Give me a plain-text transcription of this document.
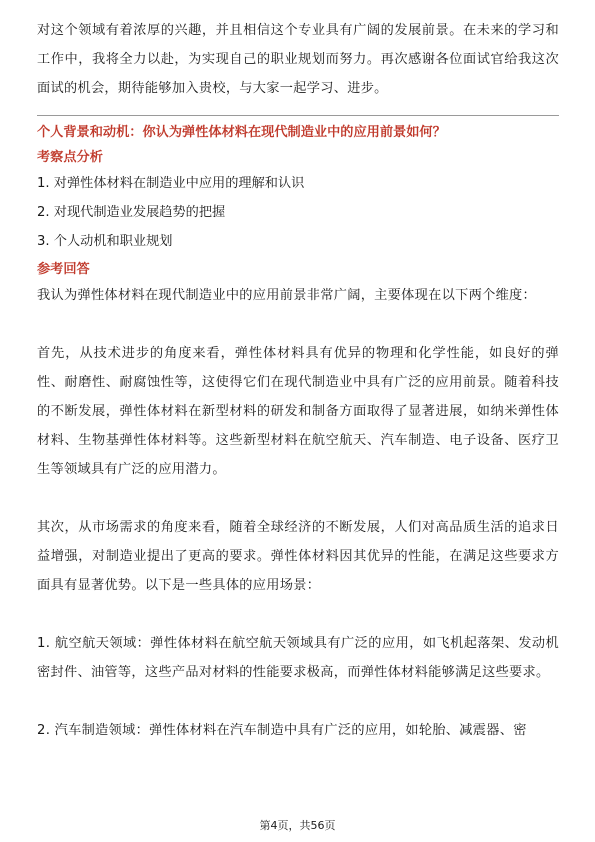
对这个领域有着浓厚的兴趣，并且相信这个专业具有广阔的发展前景。在未来的学习和工作中，我将全力以赴，为实现自己的职业规划而努力。再次感谢各位面试官给我这次面试的机会，期待能够加入贵校，与大家一起学习、进步。

个人背景和动机：你认为弹性体材料在现代制造业中的应用前景如何？

考察点分析

1. 对弹性体材料在制造业中应用的理解和认识

2. 对现代制造业发展趋势的把握

3. 个人动机和职业规划

参考回答

我认为弹性体材料在现代制造业中的应用前景非常广阔，主要体现在以下两个维度：

首先，从技术进步的角度来看，弹性体材料具有优异的物理和化学性能，如良好的弹性、耐磨性、耐腐蚀性等，这使得它们在现代制造业中具有广泛的应用前景。随着科技的不断发展，弹性体材料在新型材料的研发和制备方面取得了显著进展，如纳米弹性体材料、生物基弹性体材料等。这些新型材料在航空航天、汽车制造、电子设备、医疗卫生等领域具有广泛的应用潜力。

其次，从市场需求的角度来看，随着全球经济的不断发展，人们对高品质生活的追求日益增强，对制造业提出了更高的要求。弹性体材料因其优异的性能，在满足这些要求方面具有显著优势。以下是一些具体的应用场景：

1. 航空航天领域：弹性体材料在航空航天领域具有广泛的应用，如飞机起落架、发动机密封件、油管等，这些产品对材料的性能要求极高，而弹性体材料能够满足这些要求。

2. 汽车制造领域：弹性体材料在汽车制造中具有广泛的应用，如轮胎、减震器、密

第4页，共56页
